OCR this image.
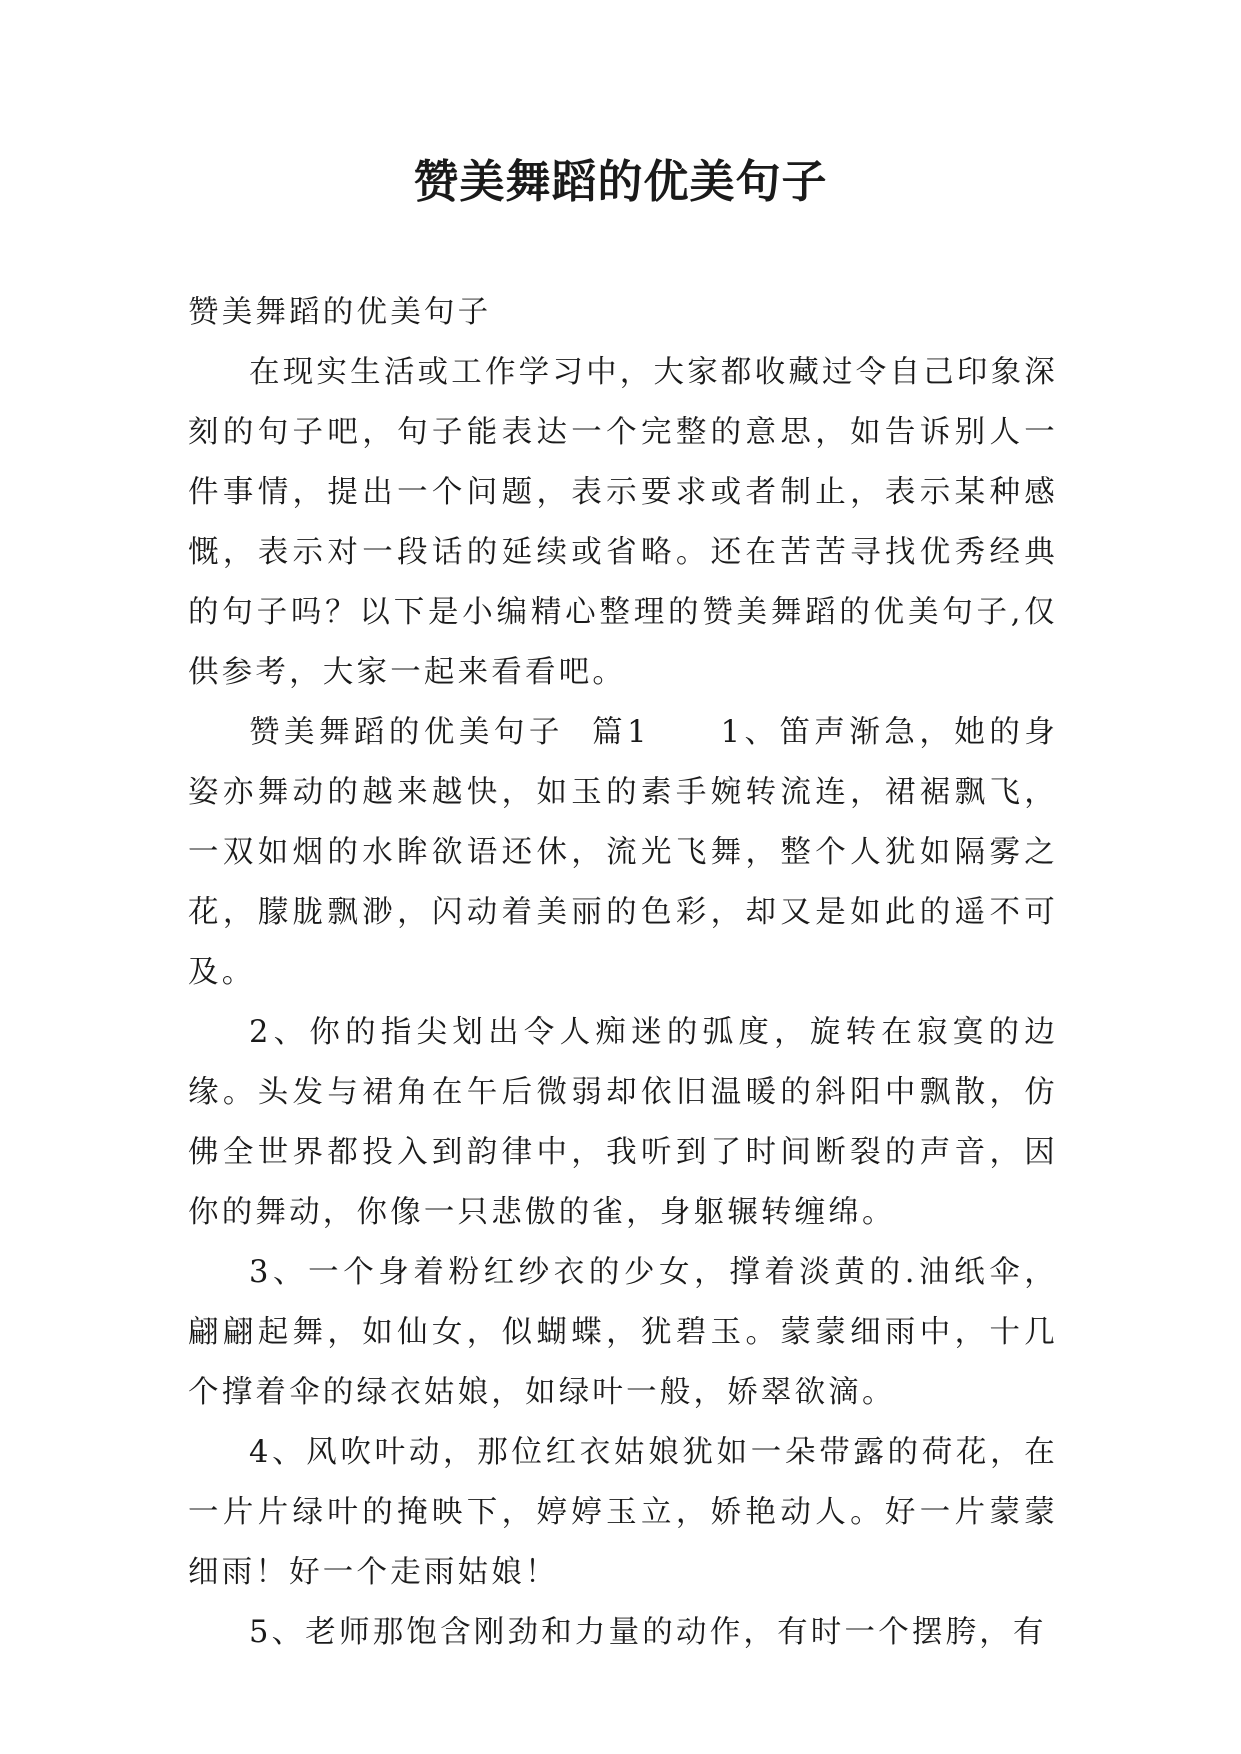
赞美舞蹈的优美句子

赞美舞蹈的优美句子

在现实生活或工作学习中，大家都收藏过令自己印象深刻的句子吧，句子能表达一个完整的意思，如告诉别人一件事情，提出一个问题，表示要求或者制止，表示某种感慨，表示对一段话的延续或省略。还在苦苦寻找优秀经典的句子吗？以下是小编精心整理的赞美舞蹈的优美句子,仅供参考，大家一起来看看吧。

赞美舞蹈的优美句子  篇1     1、笛声渐急，她的身姿亦舞动的越来越快，如玉的素手婉转流连，裙裾飘飞，一双如烟的水眸欲语还休，流光飞舞，整个人犹如隔雾之花，朦胧飘渺，闪动着美丽的色彩，却又是如此的遥不可及。

2、你的指尖划出令人痴迷的弧度，旋转在寂寞的边缘。头发与裙角在午后微弱却依旧温暖的斜阳中飘散，仿佛全世界都投入到韵律中，我听到了时间断裂的声音，因你的舞动，你像一只悲傲的雀，身躯辗转缠绵。

3、一个身着粉红纱衣的少女，撑着淡黄的.油纸伞，翩翩起舞，如仙女，似蝴蝶，犹碧玉。蒙蒙细雨中，十几个撑着伞的绿衣姑娘，如绿叶一般，娇翠欲滴。

4、风吹叶动，那位红衣姑娘犹如一朵带露的荷花，在一片片绿叶的掩映下，婷婷玉立，娇艳动人。好一片蒙蒙细雨！好一个走雨姑娘！

5、老师那饱含刚劲和力量的动作，有时一个摆胯，有
